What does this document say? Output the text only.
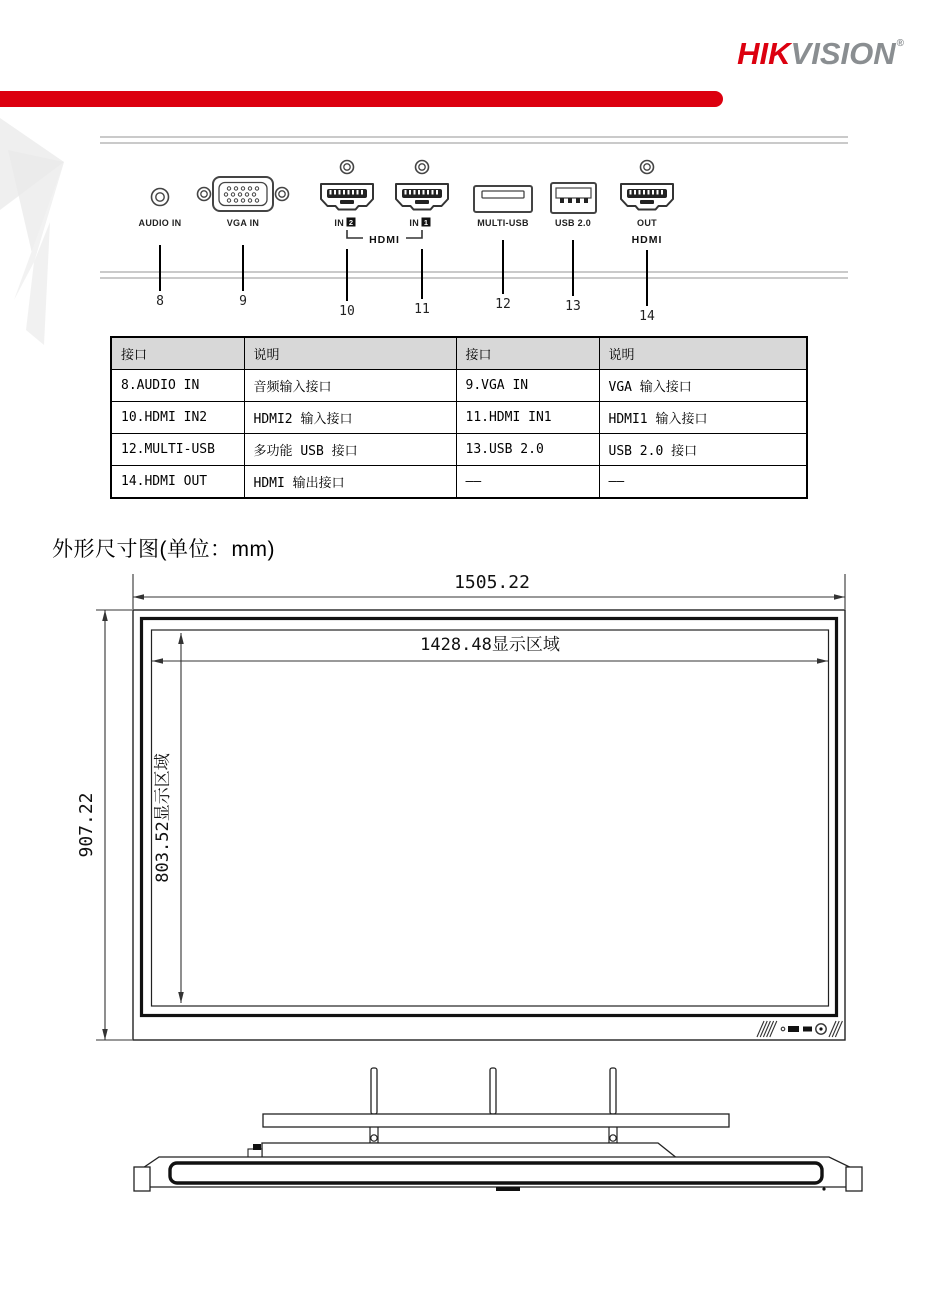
AUDIO IN	VGA IN	IN 2	IN 1	MULTI-USB	USB 2.0	OUT
HDMI	HDMI
8	9
10	11	12	13
14
1505.22
1428.48显示区域
907.22	803.52显示区域
HIKVISION®
接口	说明	接口	说明
8.AUDIO IN	音频输入接口	9.VGA IN	VGA 输入接口
10.HDMI IN2	HDMI2 输入接口	11.HDMI IN1	HDMI1 输入接口
12.MULTI-USB	多功能 USB 接口	13.USB 2.0	USB 2.0 接口
14.HDMI OUT	HDMI 输出接口	——	——
外形尺寸图(单位：mm)
